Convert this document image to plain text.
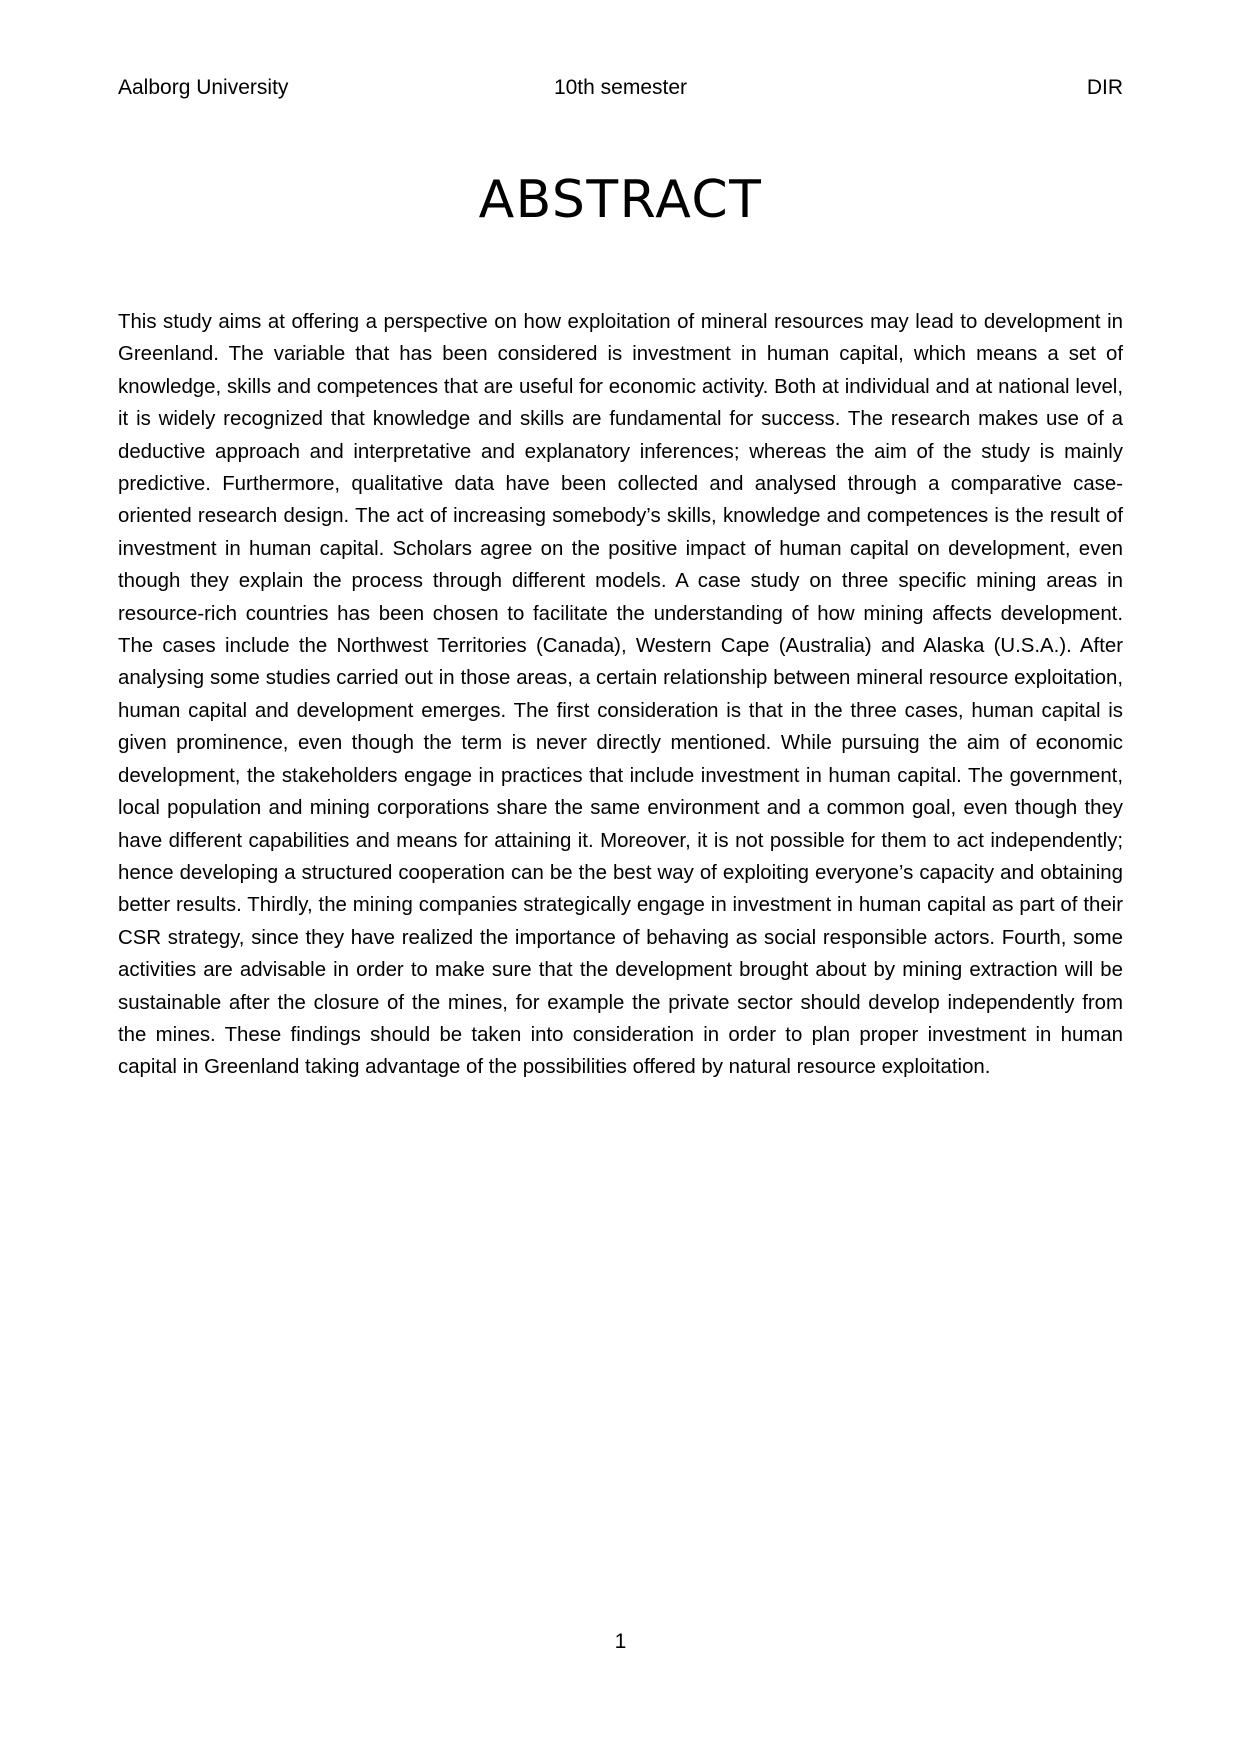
Aalborg University	10th semester	DIR
ABSTRACT

This study aims at offering a perspective on how exploitation of mineral resources may lead to development in Greenland. The variable that has been considered is investment in human capital, which means a set of knowledge, skills and competences that are useful for economic activity. Both at individual and at national level, it is widely recognized that knowledge and skills are fundamental for success. The research makes use of a deductive approach and interpretative and explanatory inferences; whereas the aim of the study is mainly predictive. Furthermore, qualitative data have been collected and analysed through a comparative case-oriented research design. The act of increasing somebody’s skills, knowledge and competences is the result of investment in human capital. Scholars agree on the positive impact of human capital on development, even though they explain the process through different models. A case study on three specific mining areas in resource-rich countries has been chosen to facilitate the understanding of how mining affects development. The cases include the Northwest Territories (Canada), Western Cape (Australia) and Alaska (U.S.A.). After analysing some studies carried out in those areas, a certain relationship between mineral resource exploitation, human capital and development emerges. The first consideration is that in the three cases, human capital is given prominence, even though the term is never directly mentioned. While pursuing the aim of economic development, the stakeholders engage in practices that include investment in human capital. The government, local population and mining corporations share the same environment and a common goal, even though they have different capabilities and means for attaining it. Moreover, it is not possible for them to act independently; hence developing a structured cooperation can be the best way of exploiting everyone’s capacity and obtaining better results. Thirdly, the mining companies strategically engage in investment in human capital as part of their CSR strategy, since they have realized the importance of behaving as social responsible actors. Fourth, some activities are advisable in order to make sure that the development brought about by mining extraction will be sustainable after the closure of the mines, for example the private sector should develop independently from the mines. These findings should be taken into consideration in order to plan proper investment in human capital in Greenland taking advantage of the possibilities offered by natural resource exploitation.

1
